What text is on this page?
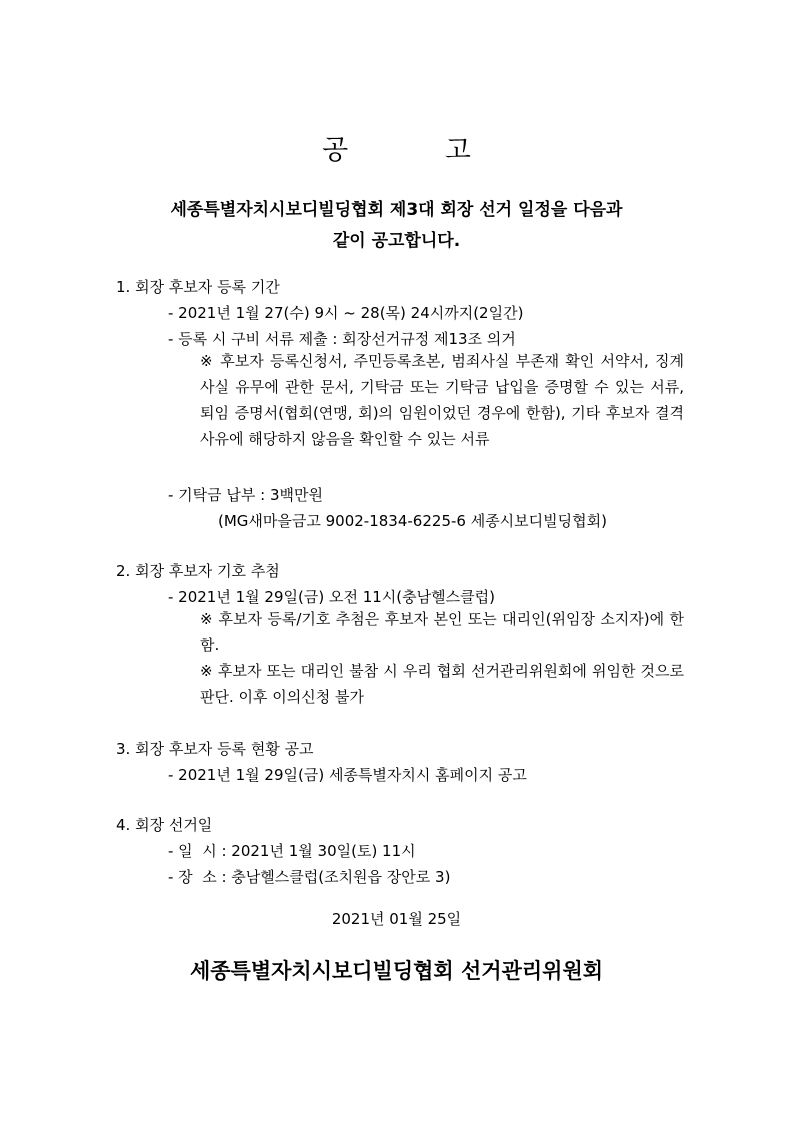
공 고
세종특별자치시보디빌딩협회 제3대 회장 선거 일정을 다음과
같이 공고합니다.
1. 회장 후보자 등록 기간
- 2021년 1월 27(수) 9시 ~ 28(목) 24시까지(2일간)
- 등록 시 구비 서류 제출 : 회장선거규정 제13조 의거
※ 후보자 등록신청서, 주민등록초본, 범죄사실 부존재 확인 서약서, 징계사실 유무에 관한 문서, 기탁금 또는 기탁금 납입을 증명할 수 있는 서류, 퇴임 증명서(협회(연맹, 회)의 임원이었던 경우에 한함), 기타 후보자 결격사유에 해당하지 않음을 확인할 수 있는 서류
- 기탁금 납부 : 3백만원
(MG새마을금고 9002-1834-6225-6 세종시보디빌딩협회)
2. 회장 후보자 기호 추첨
- 2021년 1월 29일(금) 오전 11시(충남헬스클럽)
※ 후보자 등록/기호 추첨은 후보자 본인 또는 대리인(위임장 소지자)에 한함.
※ 후보자 또는 대리인 불참 시 우리 협회 선거관리위원회에 위임한 것으로 판단. 이후 이의신청 불가
3. 회장 후보자 등록 현황 공고
- 2021년 1월 29일(금) 세종특별자치시 홈페이지 공고
4. 회장 선거일
- 일  시 : 2021년 1월 30일(토) 11시
- 장  소 : 충남헬스클럽(조치원읍 장안로 3)
2021년 01월 25일
세종특별자치시보디빌딩협회 선거관리위원회
